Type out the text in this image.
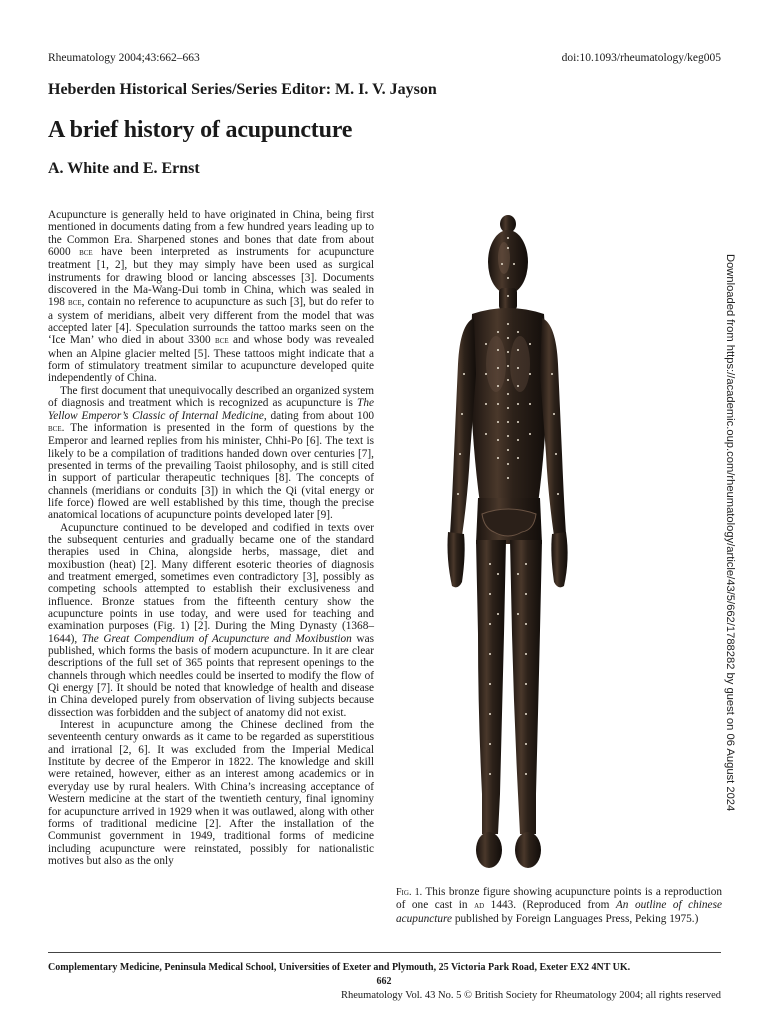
Rheumatology 2004;43:662–663	doi:10.1093/rheumatology/keg005
Heberden Historical Series/Series Editor: M. I. V. Jayson
A brief history of acupuncture
A. White and E. Ernst

Acupuncture is generally held to have originated in China, being first mentioned in documents dating from a few hundred years leading up to the Common Era. Sharpened stones and bones that date from about 6000 bce have been interpreted as instruments for acupuncture treatment [1, 2], but they may simply have been used as surgical instruments for drawing blood or lancing abscesses [3]. Documents discovered in the Ma-Wang-Dui tomb in China, which was sealed in 198 bce, contain no reference to acupuncture as such [3], but do refer to a system of meridians, albeit very different from the model that was accepted later [4]. Speculation surrounds the tattoo marks seen on the ‘Ice Man’ who died in about 3300 bce and whose body was revealed when an Alpine glacier melted [5]. These tattoos might indicate that a form of stimulatory treatment similar to acupuncture developed quite independently of China.

The first document that unequivocally described an organized system of diagnosis and treatment which is recognized as acupuncture is The Yellow Emperor’s Classic of Internal Medicine, dating from about 100 bce. The information is presented in the form of questions by the Emperor and learned replies from his minister, Chhi-Po [6]. The text is likely to be a compilation of traditions handed down over centuries [7], presented in terms of the prevailing Taoist philosophy, and is still cited in support of particular therapeutic techniques [8]. The concepts of channels (meridians or conduits [3]) in which the Qi (vital energy or life force) flowed are well established by this time, though the precise anatomical locations of acupuncture points developed later [9].

Acupuncture continued to be developed and codified in texts over the subsequent centuries and gradually became one of the standard therapies used in China, alongside herbs, massage, diet and moxibustion (heat) [2]. Many different esoteric theories of diagnosis and treatment emerged, sometimes even contradictory [3], possibly as competing schools attempted to establish their exclusiveness and influence. Bronze statues from the fifteenth century show the acupuncture points in use today, and were used for teaching and examination purposes (Fig. 1) [2]. During the Ming Dynasty (1368–1644), The Great Compendium of Acupuncture and Moxibustion was published, which forms the basis of modern acupuncture. In it are clear descriptions of the full set of 365 points that represent openings to the channels through which needles could be inserted to modify the flow of Qi energy [7]. It should be noted that knowledge of health and disease in China developed purely from observation of living subjects because dissection was forbidden and the subject of anatomy did not exist.

Interest in acupuncture among the Chinese declined from the seventeenth century onwards as it came to be regarded as superstitious and irrational [2, 6]. It was excluded from the Imperial Medical Institute by decree of the Emperor in 1822. The knowledge and skill were retained, however, either as an interest among academics or in everyday use by rural healers. With China’s increasing acceptance of Western medicine at the start of the twentieth century, final ignominy for acupuncture arrived in 1929 when it was outlawed, along with other forms of traditional medicine [2]. After the installation of the Communist government in 1949, traditional forms of medicine including acupuncture were reinstated, possibly for nationalistic motives but also as the only

Downloaded from https://academic.oup.com/rheumatology/article/43/5/662/1788282 by guest on 06 August 2024
Fig. 1. This bronze figure showing acupuncture points is a reproduction of one cast in ad 1443. (Reproduced from An outline of chinese acupuncture published by Foreign Languages Press, Peking 1975.)
Complementary Medicine, Peninsula Medical School, Universities of Exeter and Plymouth, 25 Victoria Park Road, Exeter EX2 4NT UK.
662
Rheumatology Vol. 43 No. 5 © British Society for Rheumatology 2004; all rights reserved
